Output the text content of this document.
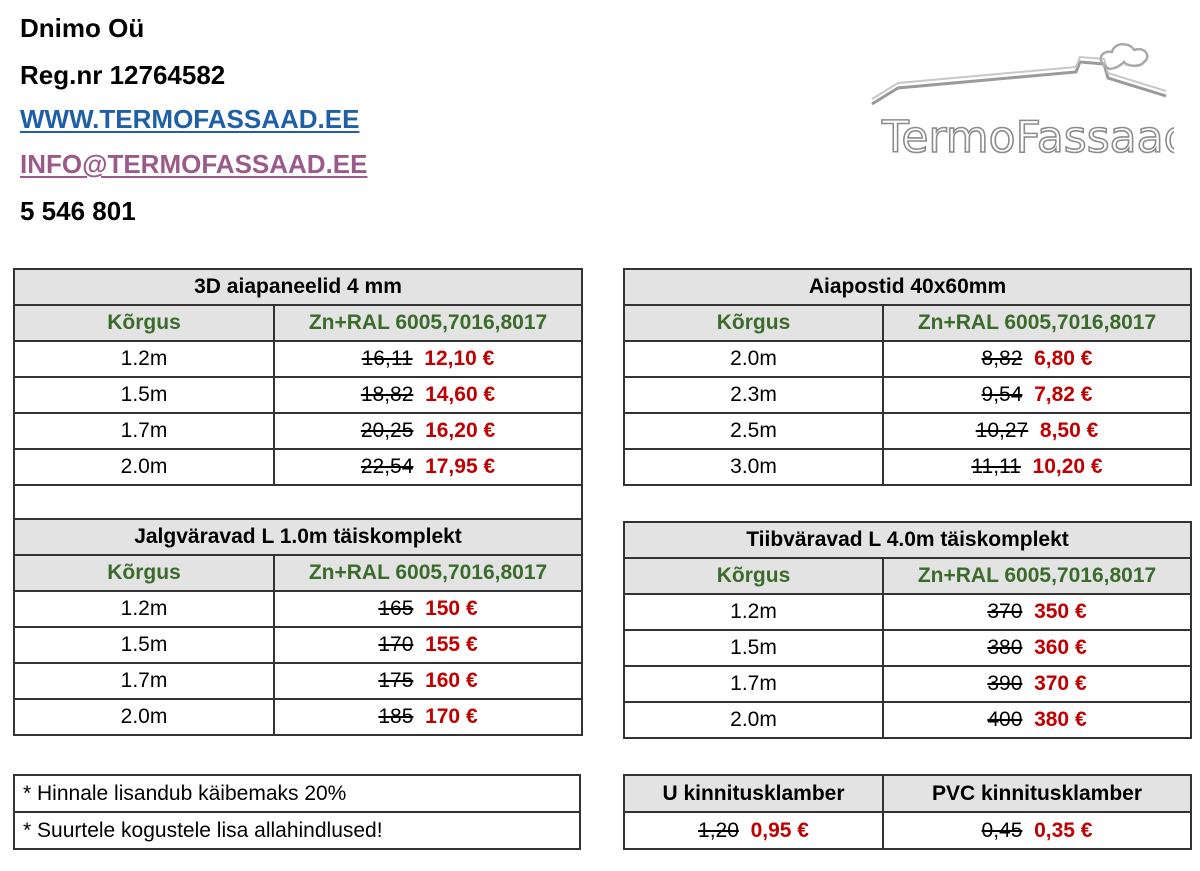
Dnimo Oü
Reg.nr 12764582
WWW.TERMOFASSAAD.EE
INFO@TERMOFASSAAD.EE
5 546 801
TermoFassaad
3D aiapaneelid 4 mm	
Kõrgus	Zn+RAL 6005,7016,8017
1.2m	16,11 12,10 €
1.5m	18,82 14,60 €
1.7m	20,25 16,20 €
2.0m	22,54 17,95 €

Jalgväravad L 1.0m täiskomplekt	
Kõrgus	Zn+RAL 6005,7016,8017
1.2m	165 150 €
1.5m	170 155 €
1.7m	175 160 €
2.0m	185 170 €
Aiapostid 40x60mm	
Kõrgus	Zn+RAL 6005,7016,8017
2.0m	8,82 6,80 €
2.3m	9,54 7,82 €
2.5m	10,27 8,50 €
3.0m	11,11 10,20 €
Tiibväravad L 4.0m täiskomplekt	
Kõrgus	Zn+RAL 6005,7016,8017
1.2m	370 350 €
1.5m	380 360 €
1.7m	390 370 €
2.0m	400 380 €
* Hinnale lisandub käibemaks 20%
* Suurtele kogustele lisa allahindlused!
U kinnitusklamber	PVC kinnitusklamber
1,20 0,95 €	0,45 0,35 €
